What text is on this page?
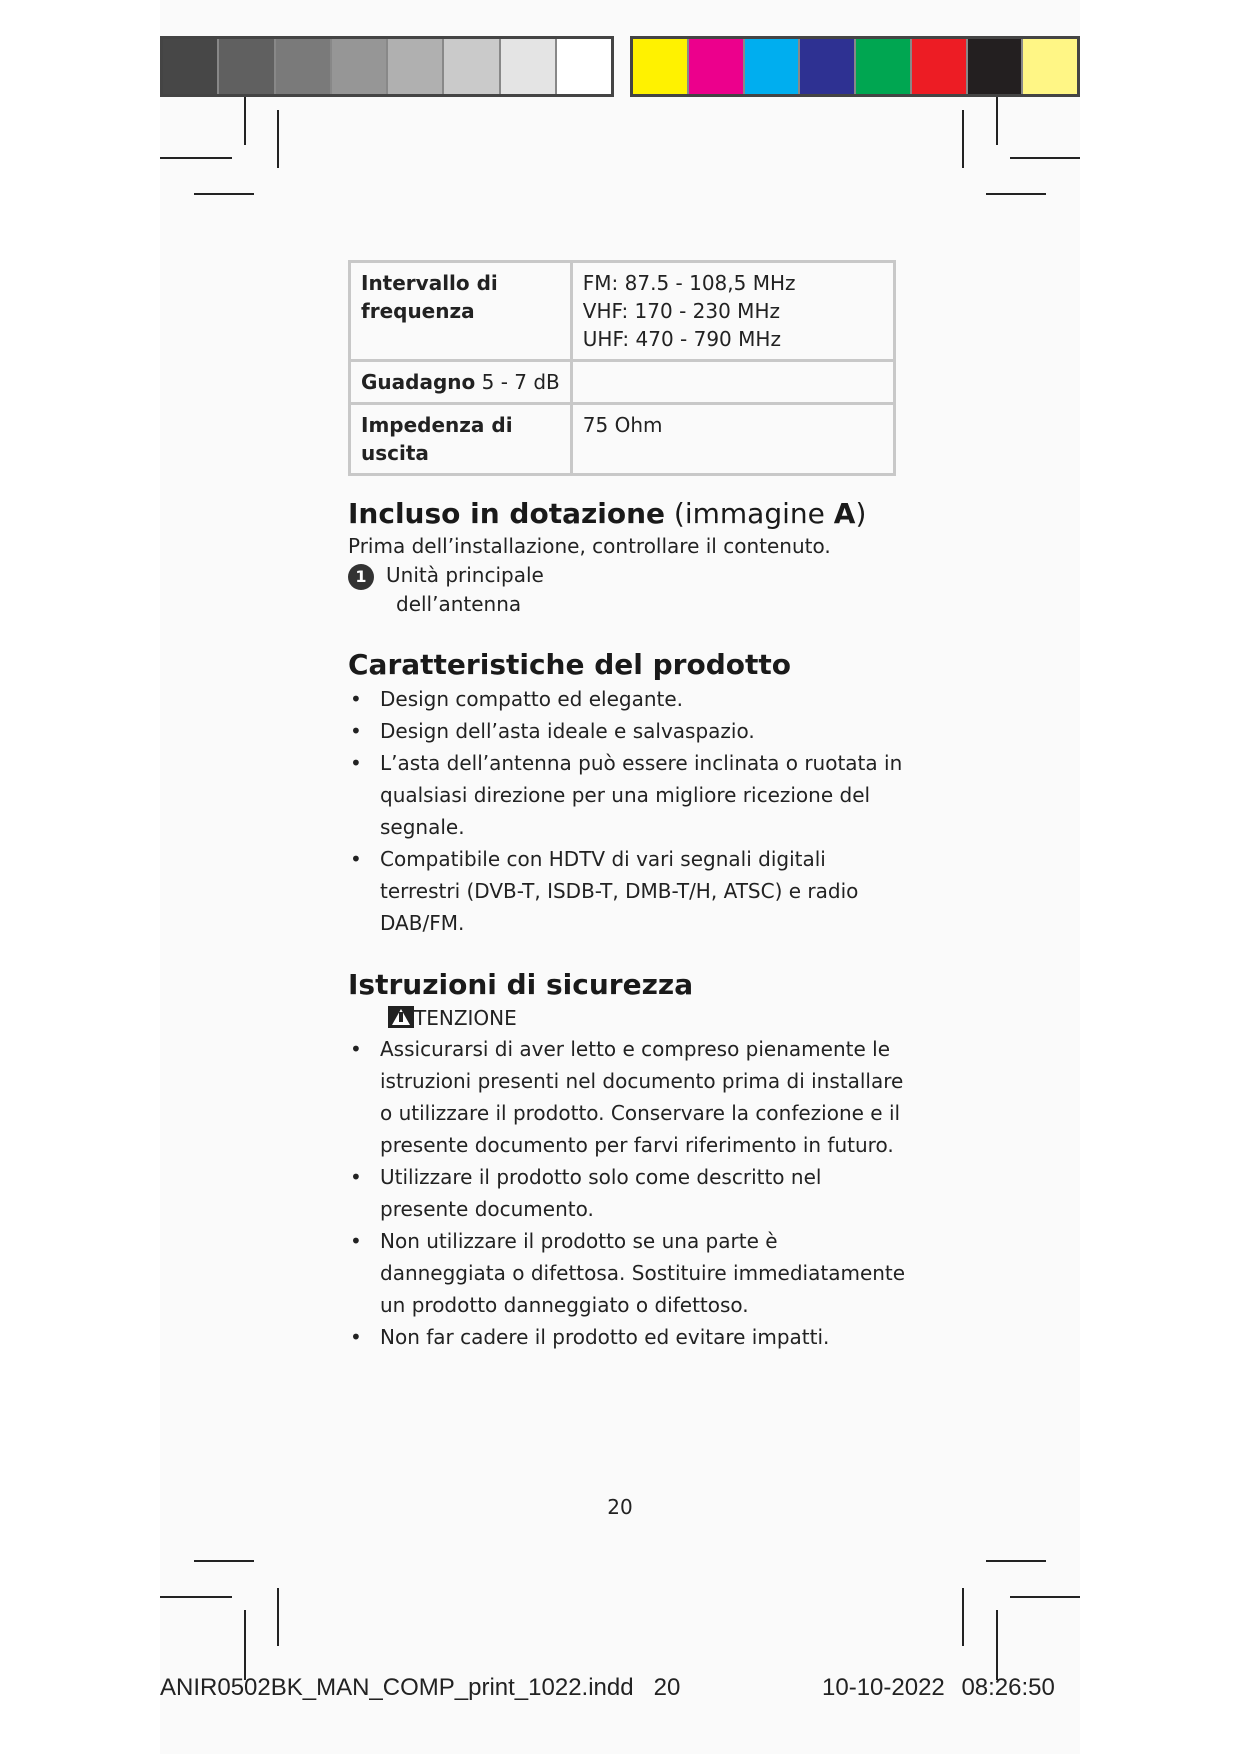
Intervallo di frequenza	FM: 87.5 - 108,5 MHz
VHF: 170 - 230 MHz
UHF: 470 - 790 MHz

Guadagno 5 - 7 dB	
Impedenza di uscita	75 Ohm
Incluso in dotazione (immagine A)

Prima dell’installazione, controllare il contenuto.

1 Unità principale

dell’antenna

Caratteristiche del prodotto
• Design compatto ed elegante.
• Design dell’asta ideale e salvaspazio.
• L’asta dell’antenna può essere inclinata o ruotata in qualsiasi direzione per una migliore ricezione del segnale.
• Compatibile con HDTV di vari segnali digitali terrestri (DVB-T, ISDB-T, DMB-T/H, ATSC) e radio DAB/FM.
Istruzioni di sicurezza
TENZIONE
• Assicurarsi di aver letto e compreso pienamente le istruzioni presenti nel documento prima di installare o utilizzare il prodotto. Conservare la confezione e il presente documento per farvi riferimento in futuro.
• Utilizzare il prodotto solo come descritto nel presente documento.
• Non utilizzare il prodotto se una parte è danneggiata o difettosa. Sostituire immediatamente un prodotto danneggiato o difettoso.
• Non far cadere il prodotto ed evitare impatti.
20
ANIR0502BK_MAN_COMP_print_1022.indd   20	10-10-2022 08:26:50
